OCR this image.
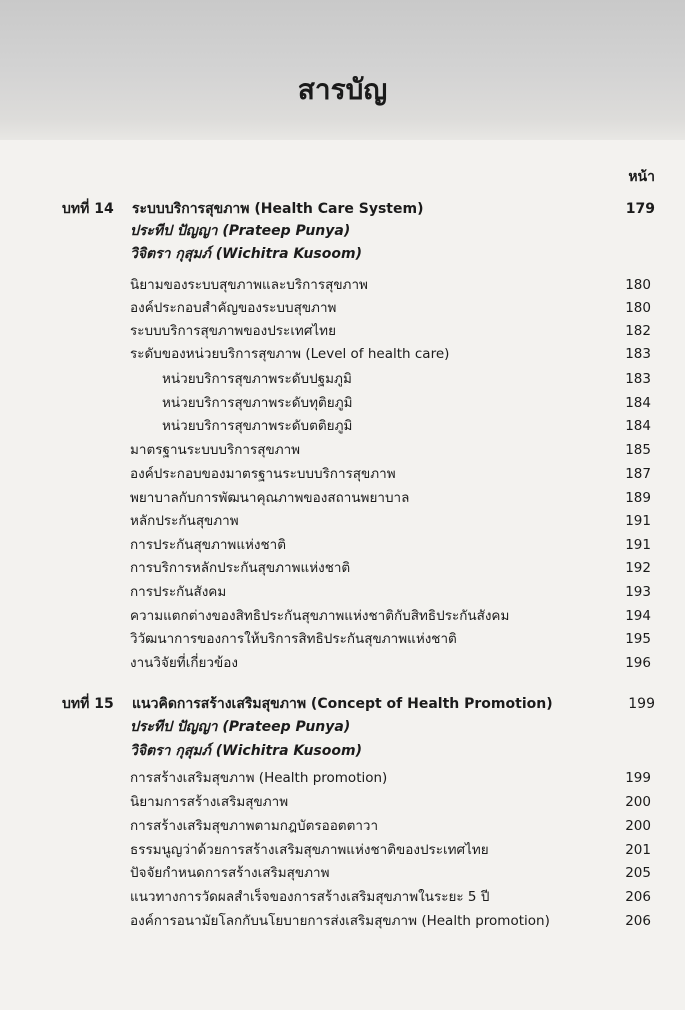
สารบัญ
หน้า
บทที่ 14	ระบบบริการสุขภาพ (Health Care System)	179
ประทีป ปัญญา (Prateep Punya)
วิจิตรา กุสุมภ์ (Wichitra Kusoom)
นิยามของระบบสุขภาพและบริการสุขภาพ	180
องค์ประกอบสำคัญของระบบสุขภาพ	180
ระบบบริการสุขภาพของประเทศไทย	182
ระดับของหน่วยบริการสุขภาพ (Level of health care)	183
หน่วยบริการสุขภาพระดับปฐมภูมิ	183
หน่วยบริการสุขภาพระดับทุติยภูมิ	184
หน่วยบริการสุขภาพระดับตติยภูมิ	184
มาตรฐานระบบบริการสุขภาพ	185
องค์ประกอบของมาตรฐานระบบบริการสุขภาพ	187
พยาบาลกับการพัฒนาคุณภาพของสถานพยาบาล	189
หลักประกันสุขภาพ	191
การประกันสุขภาพแห่งชาติ	191
การบริการหลักประกันสุขภาพแห่งชาติ	192
การประกันสังคม	193
ความแตกต่างของสิทธิประกันสุขภาพแห่งชาติกับสิทธิประกันสังคม	194
วิวัฒนาการของการให้บริการสิทธิประกันสุขภาพแห่งชาติ	195
งานวิจัยที่เกี่ยวข้อง	196
บทที่ 15	แนวคิดการสร้างเสริมสุขภาพ (Concept of Health Promotion)	199
ประทีป ปัญญา (Prateep Punya)
วิจิตรา กุสุมภ์ (Wichitra Kusoom)
การสร้างเสริมสุขภาพ (Health promotion)	199
นิยามการสร้างเสริมสุขภาพ	200
การสร้างเสริมสุขภาพตามกฎบัตรออตตาวา	200
ธรรมนูญว่าด้วยการสร้างเสริมสุขภาพแห่งชาติของประเทศไทย	201
ปัจจัยกำหนดการสร้างเสริมสุขภาพ	205
แนวทางการวัดผลสำเร็จของการสร้างเสริมสุขภาพในระยะ 5 ปี	206
องค์การอนามัยโลกกับนโยบายการส่งเสริมสุขภาพ (Health promotion)	206
